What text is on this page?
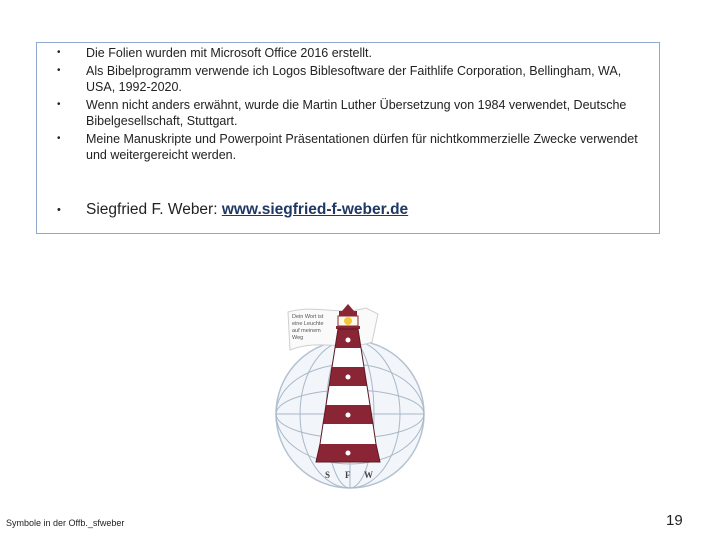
• Die Folien wurden mit Microsoft Office 2016 erstellt.
• Als Bibelprogramm verwende ich Logos Biblesoftware der Faithlife Corporation, Bellingham, WA, USA, 1992-2020.
• Wenn nicht anders erwähnt, wurde die Martin Luther Übersetzung von 1984 verwendet, Deutsche Bibelgesellschaft, Stuttgart.
• Meine Manuskripte und Powerpoint Präsentationen dürfen für nichtkommerzielle Zwecke verwendet und weitergereicht werden.
• Siegfried F. Weber: www.siegfried-f-weber.de
Dein Wort ist
eine Leuchte
auf meinem
Weg
S F W
Symbole in der Offb._sfweber	19
